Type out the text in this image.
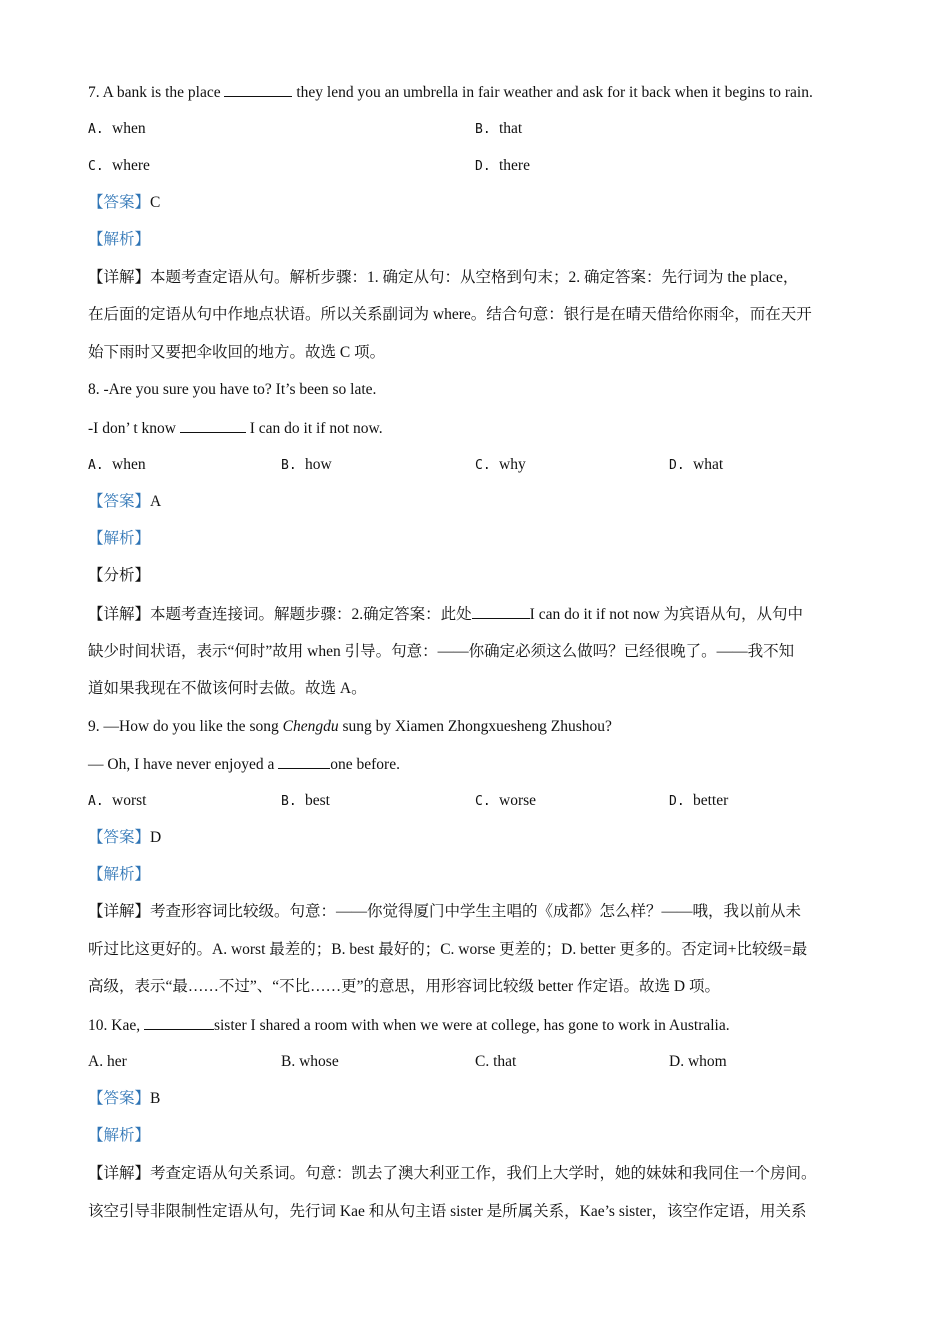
7. A bank is the place	they lend you an umbrella in fair weather and ask for it back when it begins to rain.
A. when	B. that
C. where	D. there
【答案】C
【解析】
【详解】本题考查定语从句。解析步骤：1. 确定从句：从空格到句末；2. 确定答案：先行词为 the place，
在后面的定语从句中作地点状语。所以关系副词为 where。结合句意：银行是在晴天借给你雨伞，而在天开
始下雨时又要把伞收回的地方。故选 C 项。
8. -Are you sure you have to? It’s been so late.
-I don’ t know	I can do it if not now.
A. when	B. how	C. why	D. what
【答案】A
【解析】
【分析】
【详解】本题考查连接词。解题步骤：2.确定答案：此处	I can do it if not now 为宾语从句，从句中
缺少时间状语，表示“何时”故用 when 引导。句意：——你确定必须这么做吗？已经很晚了。——我不知
道如果我现在不做该何时去做。故选 A。
9. —How do you like the song Chengdu sung by Xiamen Zhongxuesheng Zhushou?
— Oh, I have never enjoyed a	one before.
A. worst	B. best	C. worse	D. better
【答案】D
【解析】
【详解】考查形容词比较级。句意：——你觉得厦门中学生主唱的《成都》怎么样？——哦，我以前从未
听过比这更好的。A. worst 最差的；B. best 最好的；C. worse 更差的；D. better 更多的。否定词+比较级=最
高级，表示“最……不过”、“不比……更”的意思，用形容词比较级 better 作定语。故选 D 项。
10. Kae,	sister I shared a room with when we were at college, has gone to work in Australia.
A. her	B. whose	C. that	D. whom
【答案】B
【解析】
【详解】考查定语从句关系词。句意：凯去了澳大利亚工作，我们上大学时，她的妹妹和我同住一个房间。
该空引导非限制性定语从句，先行词 Kae 和从句主语 sister 是所属关系，Kae’s sister，该空作定语，用关系
